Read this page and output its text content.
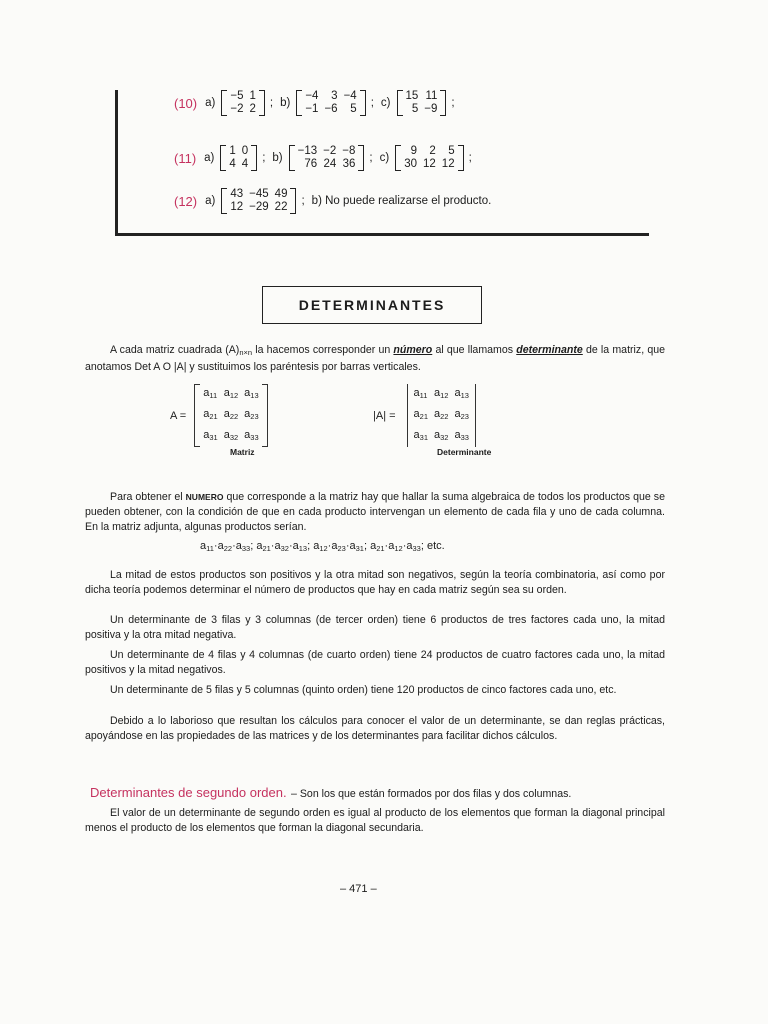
(10) a)
−5	1
−2	2 ; b)
−4	3	−4
−1	−6	5 ; c)
15	11
5	−9 ;
(11) a)
1	0
4	4 ; b)
−13	−2	−8
76	24	36 ; c)
9	2	5
30	12	12 ;
(12) a)
43	−45	49
12	−29	22 ; b) No puede realizarse el producto.
DETERMINANTES
A cada matriz cuadrada $(A)_{n\times n}$ la hacemos corresponder un número al que llamamos determinante de la matriz, que anotamos Det A O |A| y sustituimos los paréntesis por barras verticales.
A =
$a_{11}$	$a_{12}$	$a_{13}$
$a_{21}$	$a_{22}$	$a_{23}$
$a_{31}$	$a_{32}$	$a_{33}$
Matriz
|A| =
$a_{11}$	$a_{12}$	$a_{13}$
$a_{21}$	$a_{22}$	$a_{23}$
$a_{31}$	$a_{32}$	$a_{33}$
Determinante
Para obtener el NUMERO que corresponde a la matriz hay que hallar la suma algebraica de todos los productos que se pueden obtener, con la condición de que en cada producto intervengan un elemento de cada fila y uno de cada columna. En la matriz adjunta, algunas productos serían.
$a_{11}\cdot a_{22}\cdot a_{33}$; $a_{21}\cdot a_{32}\cdot a_{13}$; $a_{12}\cdot a_{23}\cdot a_{31}$; $a_{21}\cdot a_{12}\cdot a_{33}$; etc.
La mitad de estos productos son positivos y la otra mitad son negativos, según la teoría combinatoria, así como por dicha teoría podemos determinar el número de productos que hay en cada matriz según sea su orden.
Un determinante de 3 filas y 3 columnas (de tercer orden) tiene 6 productos de tres factores cada uno, la mitad positiva y la otra mitad negativa.
Un determinante de 4 filas y 4 columnas (de cuarto orden) tiene 24 productos de cuatro factores cada uno, la mitad positivos y la mitad negativos.
Un determinante de 5 filas y 5 columnas (quinto orden) tiene 120 productos de cinco factores cada uno, etc.
Debido a lo laborioso que resultan los cálculos para conocer el valor de un determinante, se dan reglas prácticas, apoyándose en las propiedades de las matrices y de los determinantes para facilitar dichos cálculos.
Determinantes de segundo orden. – Son los que están formados por dos filas y dos columnas.
El valor de un determinante de segundo orden es igual al producto de los elementos que forman la diagonal principal menos el producto de los elementos que forman la diagonal secundaria.
– 471 –
